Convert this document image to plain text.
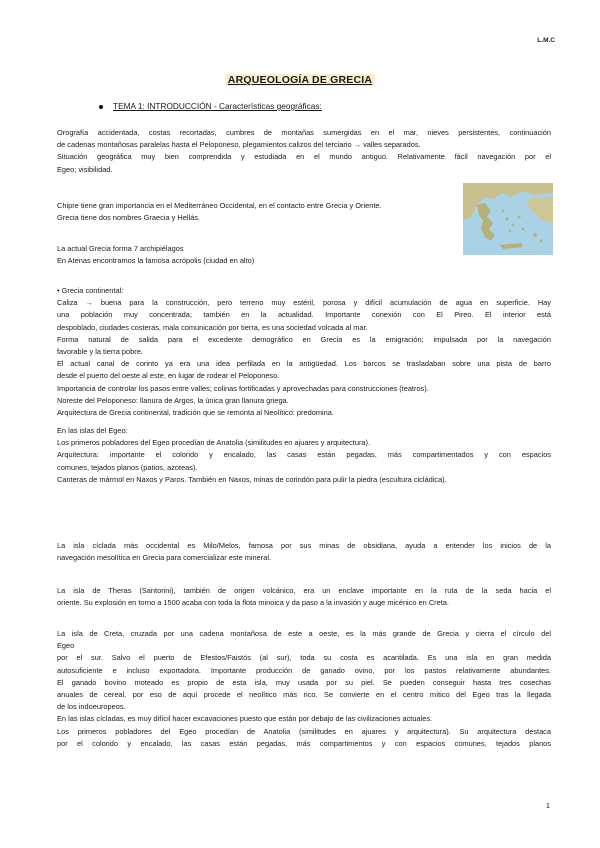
L.M.C
ARQUEOLOGÍA DE GRECIA
TEMA 1: INTRODUCCIÓN - Características geográficas:
Orografía accidentada, costas recortadas, cumbres de montañas sumergidas en el mar, nieves persistentes, continuación
de cadenas montañosas paralelas hasta el Peloponeso, plegamientos calizos del terciario → valles separados.
Situación geográfica muy bien comprendida y estudiada en el mundo antiguo. Relativamente fácil navegación por el
Egeo; visibilidad.
Chipre tiene gran importancia en el Mediterráneo Occidental, en el contacto entre Grecia y Oriente.
Grecia tiene dos nombres Graecia y Hellás.
La actual Grecia forma 7 archipiélagos
En Atenas encontramos la famosa acrópolis (ciudad en alto)
• Grecia continental:
Caliza → buena para la construcción, pero terreno muy estéril, porosa y difícil acumulación de agua en superficie. Hay
una población muy concentrada; también en la actualidad. Importante conexión con El Pireo. El interior está
despoblado, ciudades costeras, mala comunicación por tierra, es una sociedad volcada al mar.
Forma natural de salida para el excedente demográfico en Grecia es la emigración; impulsada por la navegación
favorable y la tierra pobre.
El actual canal de corinto ya era una idea perfilada en la antigüedad. Los barcos se trasladaban sobre una pista de barro
desde el puerto del oeste al este, en lugar de rodear el Peloponeso.
Importancia de controlar los pasos entre valles; colinas fortificadas y aprovechadas para construcciones (teatros).
Noreste del Peloponeso: llanura de Argos, la única gran llanura griega.
Arquitectura de Grecia continental, tradición que se remonta al Neolítico: predomina.
En las islas del Egeo:
Los primeros pobladores del Egeo procedían de Anatolia (similitudes en ajuares y arquitectura).
Arquitectura: importante el colorido y encalado, las casas están pegadas, más compartimentados y con espacios
comunes, tejados planos (patios, azoteas).
Canteras de mármol en Naxos y Paros. También en Naxos, minas de corindón para pulir la piedra (escultura cicládica).
La isla cíclada más occidental es Milo/Melos, famosa por sus minas de obsidiana, ayuda a entender los inicios de la
navegación mesolítica en Grecia para comercializar este mineral.
La isla de Theras (Santorini), también de origen volcánico, era un enclave importante en la ruta de la seda hacia el
oriente. Su explosión en torno a 1500 acaba con toda la flota minoica y da paso a la invasión y auge micénico en Creta.
La isla de Creta, cruzada por una cadena montañosa de este a oeste, es la más grande de Grecia y cierra el círculo del
Egeo
por el sur. Salvo el puerto de Efestos/Faistós (al sur), toda su costa es acantilada. Es una isla en gran medida
autosuficiente e incluso exportadora. Importante producción de ganado ovino, por los pastos relativamente abundantes.
El ganado bovino moteado es propio de esta isla, muy usada por su piel. Se pueden conseguir hasta tres cosechas
anuales de cereal, por eso de aquí procede el neolítico más rico. Se convierte en el centro mítico del Egeo tras la llegada
de los indoeuropeos.
En las islas cícladas, es muy difícil hacer excavaciones puesto que están por debajo de las civilizaciones actuales.
Los primeros pobladores del Egeo procedían de Anatolia (similitudes en ajuares y arquitectura). Su arquitectura destaca
por el colorido y encalado, las casas están pegadas, más compartimentos y con espacios comunes, tejados planos
1
